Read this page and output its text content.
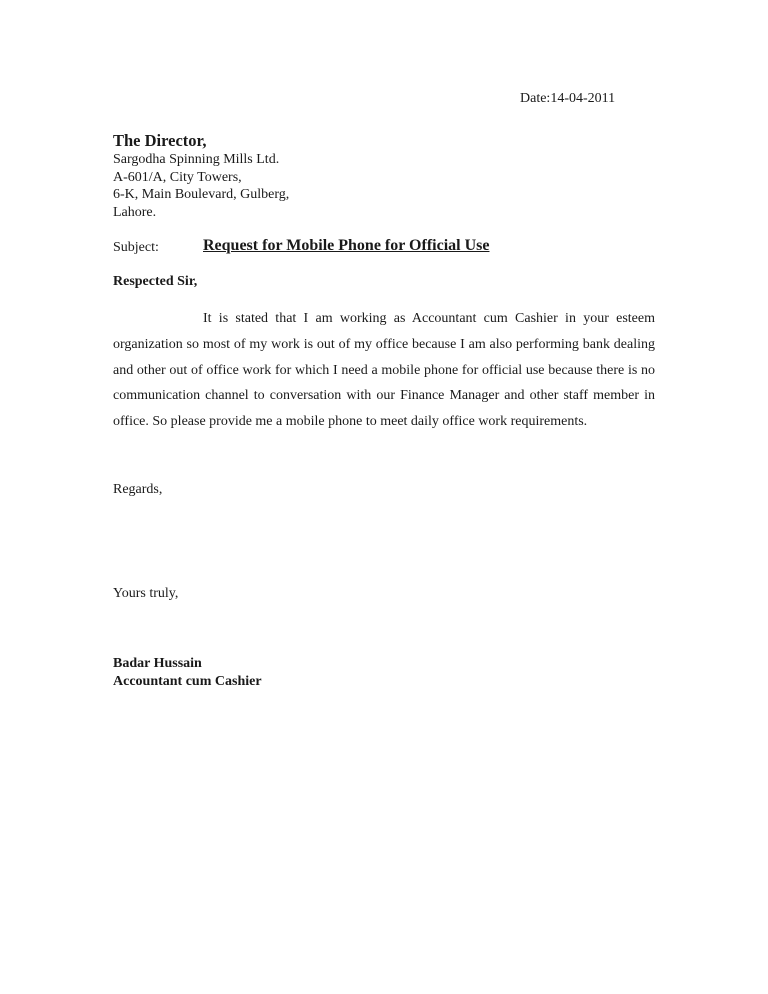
Date:14-04-2011
The Director,
Sargodha Spinning Mills Ltd.
A-601/A, City Towers,
6-K, Main Boulevard, Gulberg,
Lahore.
Subject:	Request for Mobile Phone for Official Use
Respected Sir,

It is stated that I am working as Accountant cum Cashier in your esteem organization so most of my work is out of my office because I am also performing bank dealing and other out of office work for which I need a mobile phone for official use because there is no communication channel to conversation with our Finance Manager and other staff member in office. So please provide me a mobile phone to meet daily office work requirements.

Regards,
Yours truly,
Badar Hussain
Accountant cum Cashier
